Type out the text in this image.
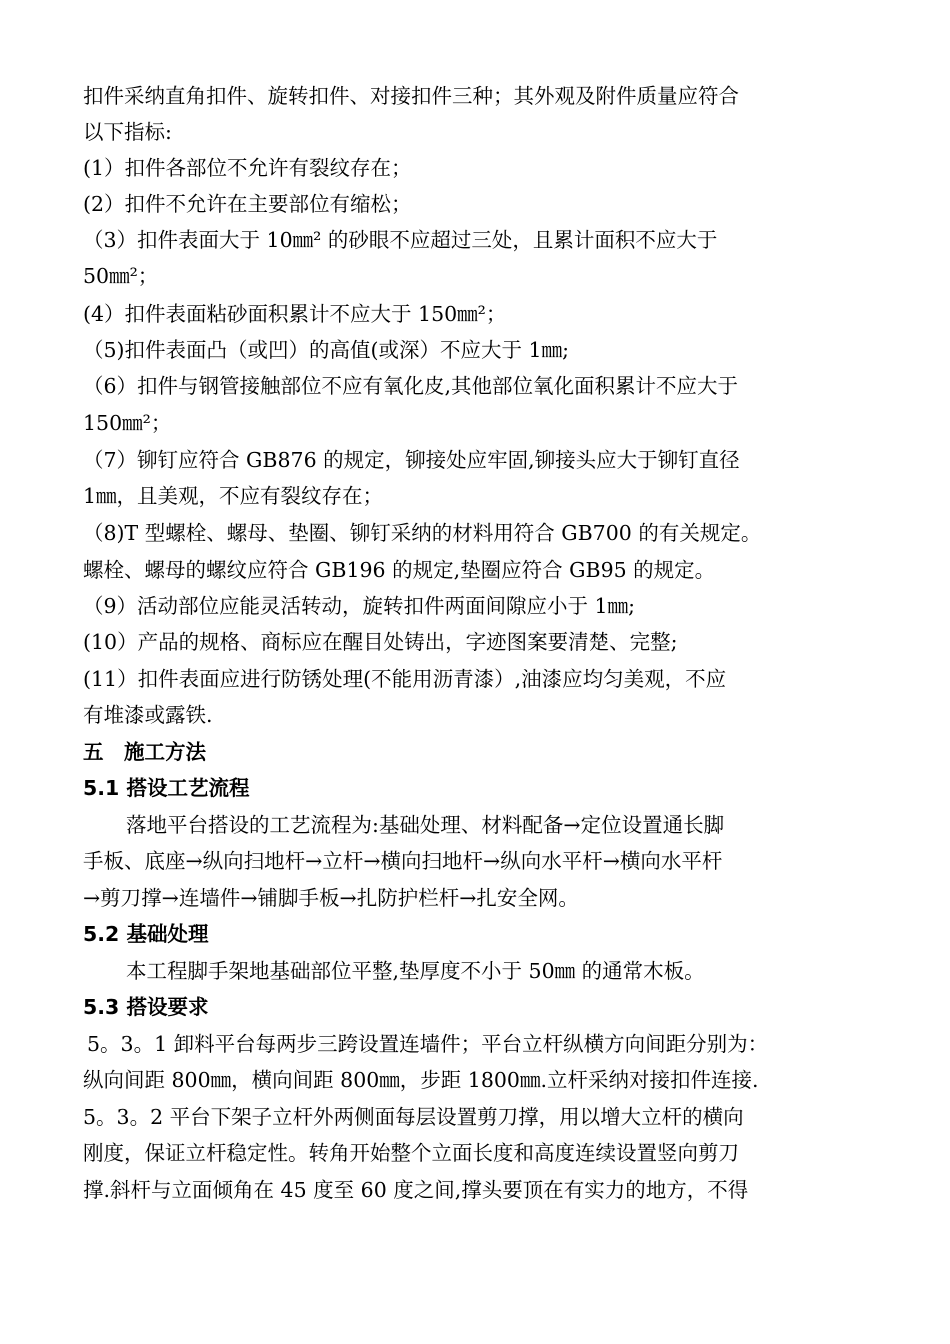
扣件采纳直角扣件、旋转扣件、对接扣件三种；其外观及附件质量应符合
以下指标:
(1）扣件各部位不允许有裂纹存在；
(2）扣件不允许在主要部位有缩松；
（3）扣件表面大于 10㎜² 的砂眼不应超过三处，且累计面积不应大于
50㎜²；
(4）扣件表面粘砂面积累计不应大于 150㎜²；
（5)扣件表面凸（或凹）的高值(或深）不应大于 1㎜;
（6）扣件与钢管接触部位不应有氧化皮,其他部位氧化面积累计不应大于
150㎜²；
（7）铆钉应符合 GB876 的规定，铆接处应牢固,铆接头应大于铆钉直径
1㎜，且美观，不应有裂纹存在；
（8)T 型螺栓、螺母、垫圈、铆钉采纳的材料用符合 GB700 的有关规定。
螺栓、螺母的螺纹应符合 GB196 的规定,垫圈应符合 GB95 的规定。
（9）活动部位应能灵活转动，旋转扣件两面间隙应小于 1㎜;
(10）产品的规格、商标应在醒目处铸出，字迹图案要清楚、完整;
(11）扣件表面应进行防锈处理(不能用沥青漆）,油漆应均匀美观，不应
有堆漆或露铁.
五　施工方法
5.1 搭设工艺流程
落地平台搭设的工艺流程为:基础处理、材料配备→定位设置通长脚
手板、底座→纵向扫地杆→立杆→横向扫地杆→纵向水平杆→横向水平杆
→剪刀撑→连墙件→铺脚手板→扎防护栏杆→扎安全网。
5.2 基础处理
本工程脚手架地基础部位平整,垫厚度不小于 50㎜ 的通常木板。
5.3 搭设要求
5。3。1 卸料平台每两步三跨设置连墙件；平台立杆纵横方向间距分别为：
纵向间距 800㎜，横向间距 800㎜，步距 1800㎜.立杆采纳对接扣件连接.
5。3。2 平台下架子立杆外两侧面每层设置剪刀撑，用以增大立杆的横向
刚度，保证立杆稳定性。转角开始整个立面长度和高度连续设置竖向剪刀
撑.斜杆与立面倾角在 45 度至 60 度之间,撑头要顶在有实力的地方，不得
